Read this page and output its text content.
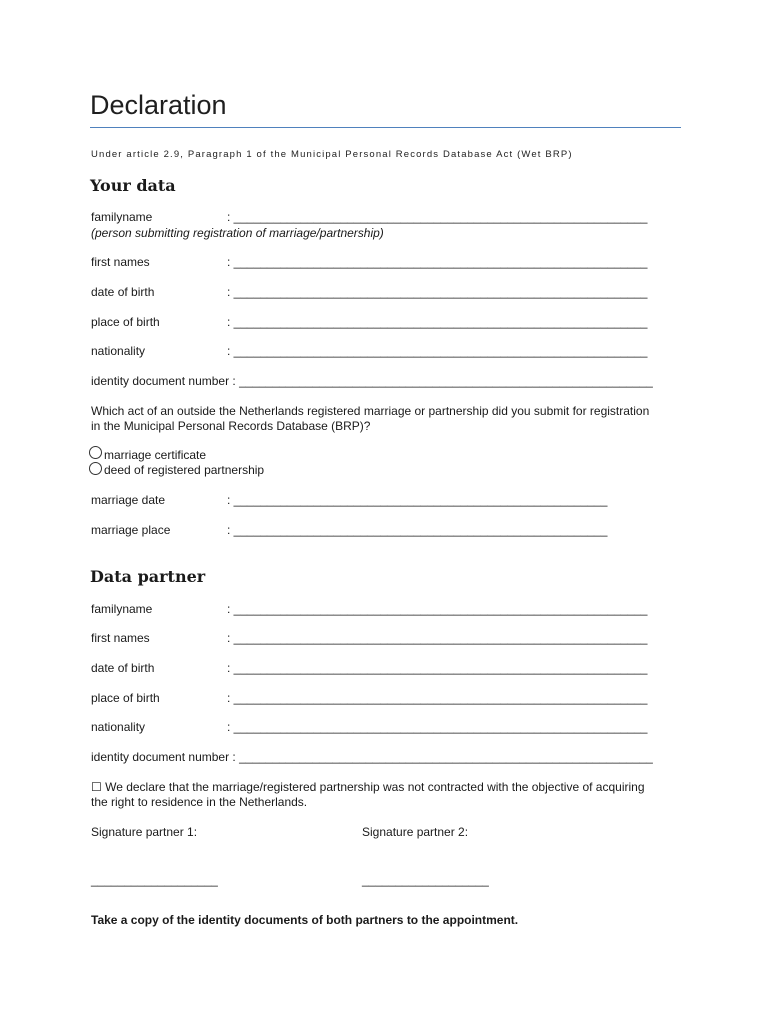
Declaration
Under article 2.9, Paragraph 1 of the Municipal Personal Records Database Act (Wet BRP)
Your data
familyname	: ______________________________________________________________
(person submitting registration of marriage/partnership)
first names	: ______________________________________________________________
date of birth	: ______________________________________________________________
place of birth	: ______________________________________________________________
nationality	: ______________________________________________________________
identity document number : ______________________________________________________________
Which act of an outside the Netherlands registered marriage or partnership did you submit for registration
in the Municipal Personal Records Database (BRP)?
marriage certificate
deed of registered partnership
marriage date	: ________________________________________________________
marriage place	: ________________________________________________________
Data partner
familyname	: ______________________________________________________________
first names	: ______________________________________________________________
date of birth	: ______________________________________________________________
place of birth	: ______________________________________________________________
nationality	: ______________________________________________________________
identity document number : ______________________________________________________________
☐ We declare that the marriage/registered partnership was not contracted with the objective of acquiring
the right to residence in the Netherlands.
Signature partner 1:	Signature partner 2:
___________________	___________________
Take a copy of the identity documents of both partners to the appointment.
